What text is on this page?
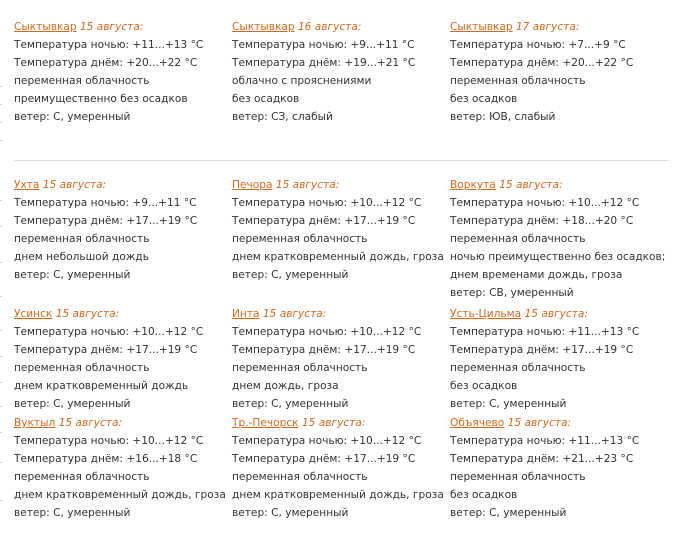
Сыктывкар 15 августа:
Температура ночью: +11...+13 °C
Температура днём: +20...+22 °C
переменная облачность
преимущественно без осадков
ветер: С, умеренный
Сыктывкар 16 августа:
Температура ночью: +9...+11 °C
Температура днём: +19...+21 °C
облачно с прояснениями
без осадков
ветер: СЗ, слабый
Сыктывкар 17 августа:
Температура ночью: +7...+9 °C
Температура днём: +20...+22 °C
переменная облачность
без осадков
ветер: ЮВ, слабый
Ухта 15 августа:
Температура ночью: +9...+11 °C
Температура днём: +17...+19 °C
переменная облачность
днем небольшой дождь
ветер: С, умеренный
Печора 15 августа:
Температура ночью: +10...+12 °C
Температура днём: +17...+19 °C
переменная облачность
днем кратковременный дождь, гроза
ветер: С, умеренный
Воркута 15 августа:
Температура ночью: +10...+12 °C
Температура днём: +18...+20 °C
переменная облачность
ночью преимущественно без осадков;
днем временами дождь, гроза
ветер: СВ, умеренный
Усинск 15 августа:
Температура ночью: +10...+12 °C
Температура днём: +17...+19 °C
переменная облачность
днем кратковременный дождь
ветер: С, умеренный
Инта 15 августа:
Температура ночью: +10...+12 °C
Температура днём: +17...+19 °C
переменная облачность
днем дождь, гроза
ветер: С, умеренный
Усть-Цильма 15 августа:
Температура ночью: +11...+13 °C
Температура днём: +17...+19 °C
переменная облачность
без осадков
ветер: С, умеренный
Вуктыл 15 августа:
Температура ночью: +10...+12 °C
Температура днём: +16...+18 °C
переменная облачность
днем кратковременный дождь, гроза
ветер: С, умеренный
Тр.-Печорск 15 августа:
Температура ночью: +10...+12 °C
Температура днём: +17...+19 °C
переменная облачность
днем кратковременный дождь, гроза
ветер: С, умеренный
Объячево 15 августа:
Температура ночью: +11...+13 °C
Температура днём: +21...+23 °C
переменная облачность
без осадков
ветер: С, умеренный
